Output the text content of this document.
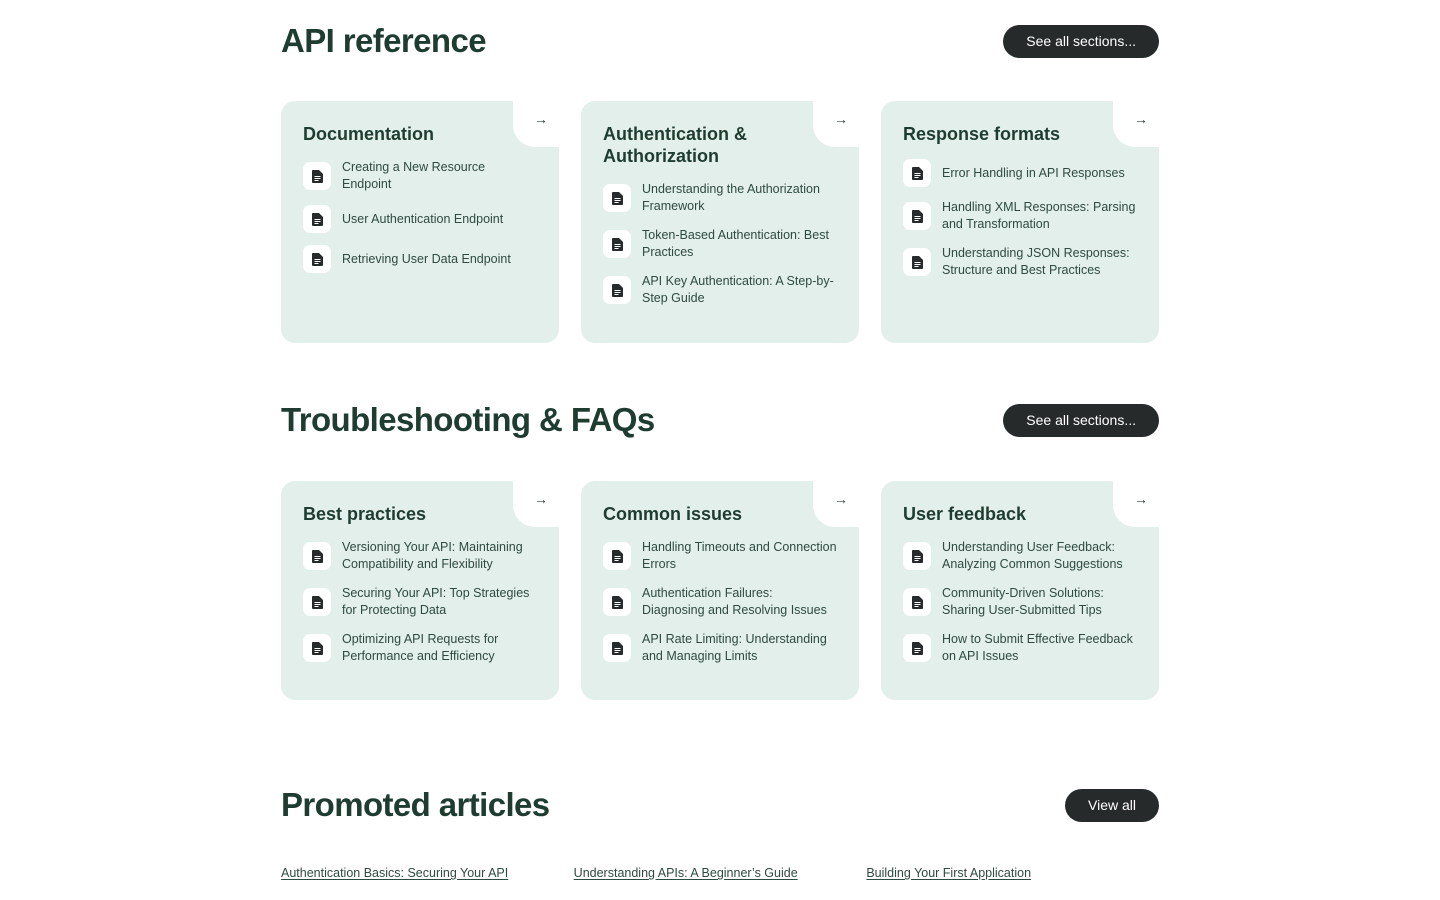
API reference	See all sections...
→
Documentation
Creating a New Resource Endpoint
User Authentication Endpoint
Retrieving User Data Endpoint
→
Authentication & Authorization
Understanding the Authorization Framework
Token-Based Authentication: Best Practices
API Key Authentication: A Step-by-Step Guide
→
Response formats
Error Handling in API Responses
Handling XML Responses: Parsing and Transformation
Understanding JSON Responses: Structure and Best Practices
Troubleshooting & FAQs	See all sections...
→
Best practices
Versioning Your API: Maintaining Compatibility and Flexibility
Securing Your API: Top Strategies for Protecting Data
Optimizing API Requests for Performance and Efficiency
→
Common issues
Handling Timeouts and Connection Errors
Authentication Failures: Diagnosing and Resolving Issues
API Rate Limiting: Understanding and Managing Limits
→
User feedback
Understanding User Feedback: Analyzing Common Suggestions
Community-Driven Solutions: Sharing User-Submitted Tips
How to Submit Effective Feedback on API Issues
Promoted articles	View all
Authentication Basics: Securing Your API	Understanding APIs: A Beginner’s Guide	Building Your First Application
